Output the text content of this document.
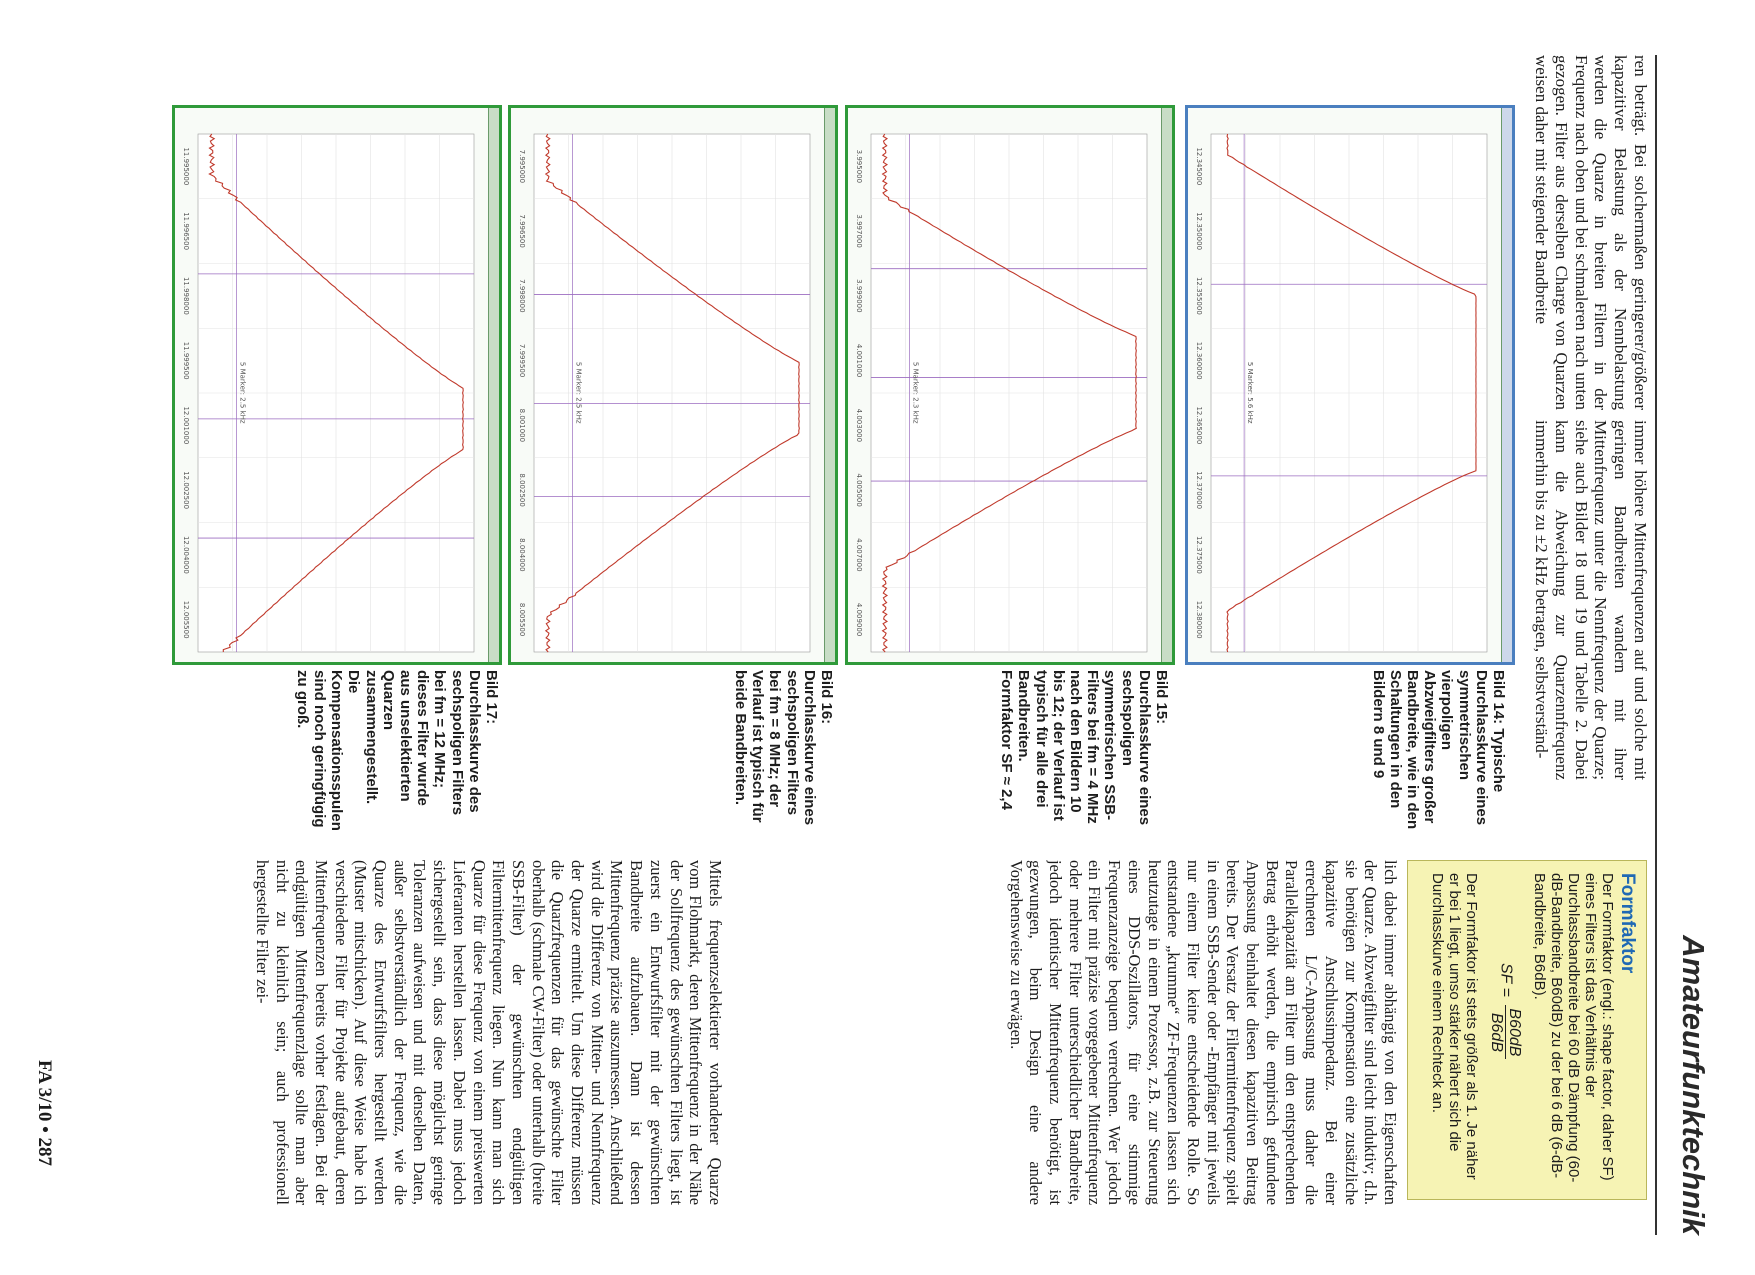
Amateurfunktechnik

ren beträgt. Bei solchermaßen geringerer/größerer kapazitiver Belastung als der Nennbelastung werden die Quarze in breiten Filtern in der Frequenz nach oben und bei schmaleren nach unten gezogen. Filter aus derselben Charge von Quarzen weisen daher mit steigender Bandbreite

immer höhere Mittenfrequenzen auf und solche mit geringen Bandbreiten wandern mit ihrer Mittenfrequenz unter die Nennfrequenz der Quarze; siehe auch Bilder 18 und 19 und Tabelle 2. Dabei kann die Abweichung zur Quarzennfrequenz immerhin bis zu ±2 kHz betragen, selbstverständ-

12.345000
12.350000
12.355000
12.360000
12.365000
12.370000
12.375000
12.380000
5 Marker: 5.6 kHz
Bild 14: Typische Durchlasskurve eines symmetrischen vierpoligen Abzweigfilters großer Bandbreite, wie in den Schaltungen in den Bildern 8 und 9
3.995000
3.997000
3.999000
4.001000
4.003000
4.005000
4.007000
4.009000
5 Marker: 2.3 kHz
Bild 15: Durchlasskurve eines sechspoligen symmetrischen SSB-Filters bei fm = 4 MHz nach den Bildern 10 bis 12; der Verlauf ist typisch für alle drei Bandbreiten. Formfaktor SF ≈ 2,4
7.995000
7.996500
7.998000
7.999500
8.001000
8.002500
8.004000
8.005500
5 Marker: 2.5 kHz
Bild 16: Durchlasskurve eines sechspoligen Filters bei fm = 8 MHz; der Verlauf ist typisch für beide Bandbreiten.
11.995000
11.996500
11.998000
11.999500
12.001000
12.002500
12.004000
12.005500
5 Marker: 2.5 kHz
Bild 17: Durchlasskurve des sechspoligen Filters bei fm = 12 MHz; dieses Filter wurde aus unselektierten Quarzen zusammengestellt. Die Kompensationsspulen sind noch geringfügig zu groß.
Formfaktor
Der Formfaktor (engl.: shape factor, daher SF) eines Filters ist das Verhältnis der Durchlassbandbreite bei 60 dB Dämpfung (60-dB-Bandbreite, B60dB) zu der bei 6 dB (6-dB-Bandbreite, B6dB).
SF =
B60dB
B6dB
Der Formfaktor ist stets größer als 1. Je näher er bei 1 liegt, umso stärker nähert sich die Durchlasskurve einem Rechteck an.

lich dabei immer abhängig von den Eigenschaften der Quarze. Abzweigfilter sind leicht induktiv; d.h. sie benötigen zur Kompensation eine zusätzliche kapazitive Anschlussimpedanz. Bei einer errechneten L/C-Anpassung muss daher die Parallelkapazität am Filter um den entsprechenden Betrag erhöht werden, die empirisch gefundene Anpassung beinhaltet diesen kapazitiven Beitrag bereits. Der Versatz der Filtermittenfrequenz spielt in einem SSB-Sender oder -Empfänger mit jeweils nur einem Filter keine entscheidende Rolle. So entstandene „krumme“ ZF-Frequenzen lassen sich heutzutage in einem Prozessor, z.B. zur Steuerung eines DDS-Oszillators, für eine stimmige Frequenzanzeige bequem verrechnen. Wer jedoch ein Filter mit präzise vorgegebener Mittenfrequenz oder mehrere Filter unterschiedlicher Bandbreite, jedoch identischer Mittenfrequenz benötigt, ist gezwungen, beim Design eine andere Vorgehensweise zu erwägen.

Mittels frequenzselektierter vorhandener Quarze vom Flohmarkt, deren Mittenfrequenz in der Nähe der Sollfrequenz des gewünschten Filters liegt, ist zuerst ein Entwurfsfilter mit der gewünschten Bandbreite aufzubauen. Dann ist dessen Mittenfrequenz präzise auszumessen. Anschließend wird die Differenz von Mitten- und Nennfrequenz der Quarze ermittelt. Um diese Differenz müssen die Quarzfrequenzen für das gewünschte Filter oberhalb (schmale CW-Filter) oder unterhalb (breite SSB-Filter) der gewünschten endgültigen Filtermittenfrequenz liegen. Nun kann man sich Quarze für diese Frequenz von einem preiswerten Lieferanten herstellen lassen. Dabei muss jedoch sichergestellt sein, dass diese möglichst geringe Toleranzen aufweisen und mit denselben Daten, außer selbstverständlich der Frequenz, wie die Quarze des Entwurfsfilters hergestellt werden (Muster mitschicken). Auf diese Weise habe ich verschiedene Filter für Projekte aufgebaut, deren Mittenfrequenzen bereits vorher festlagen. Bei der endgültigen Mittenfrequenzlage sollte man aber nicht zu kleinlich sein; auch professionell hergestellte Filter zei-

FA 3/10 • 287
